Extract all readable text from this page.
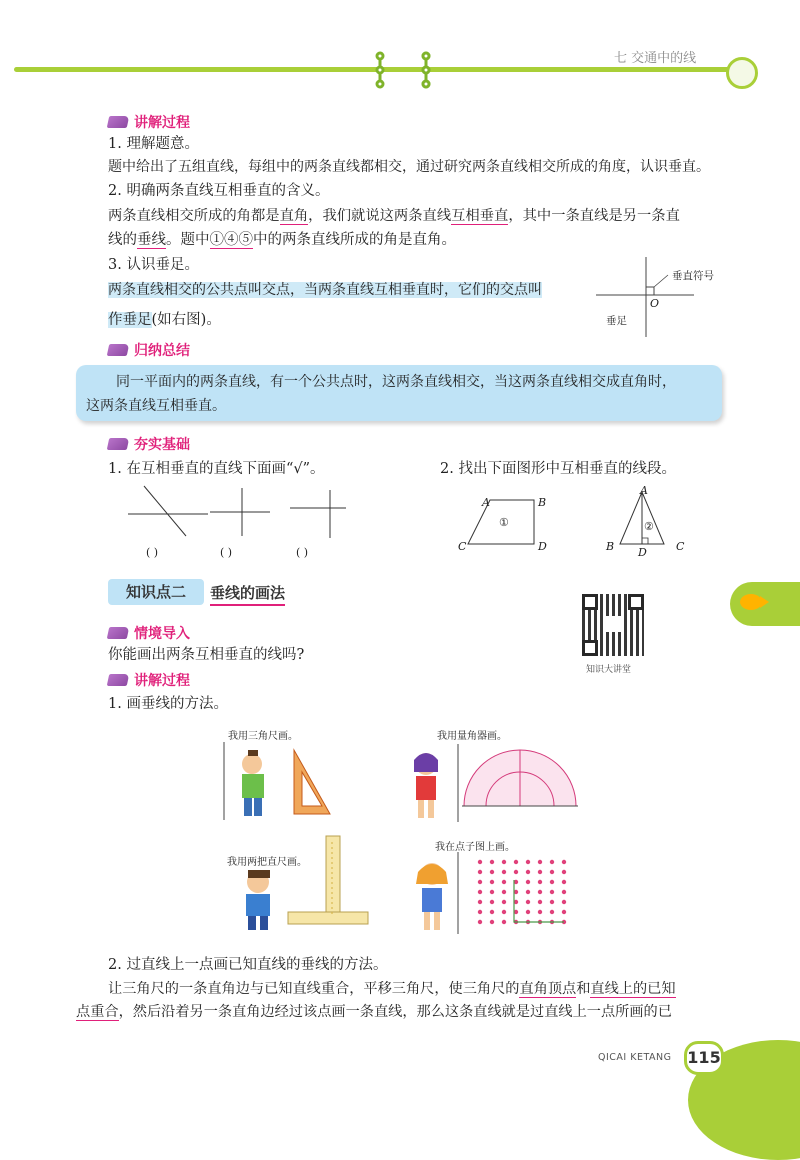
七 交通中的线
讲解过程
1. 理解题意。
题中给出了五组直线，每组中的两条直线都相交，通过研究两条直线相交所成的角度，认识垂直。
2. 明确两条直线互相垂直的含义。
两条直线相交所成的角都是直角，我们就说这两条直线互相垂直，其中一条直线是另一条直
线的垂线。题中①④⑤中的两条直线所成的角是直角。
3. 认识垂足。
两条直线相交的公共点叫交点，当两条直线互相垂直时，它们的交点叫
作垂足(如右图)。
垂直符号
O
垂足
归纳总结
同一平面内的两条直线，有一个公共点时，这两条直线相交，当这两条直线相交成直角时，
这两条直线互相垂直。
夯实基础
1. 在互相垂直的直线下面画“√”。	2. 找出下面图形中互相垂直的线段。
( )	( )	( )
A	B
C	D
①
A
B	C
D
②
知识点二	垂线的画法
知识大讲堂
情境导入
你能画出两条互相垂直的线吗?
讲解过程
1. 画垂线的方法。
我用三角尺画。	我用量角器画。
我用两把直尺画。
我在点子图上画。
2. 过直线上一点画已知直线的垂线的方法。
让三角尺的一条直角边与已知直线重合，平移三角尺，使三角尺的直角顶点和直线上的已知
点重合，然后沿着另一条直角边经过该点画一条直线，那么这条直线就是过直线上一点所画的已
QICAI KETANG 115
